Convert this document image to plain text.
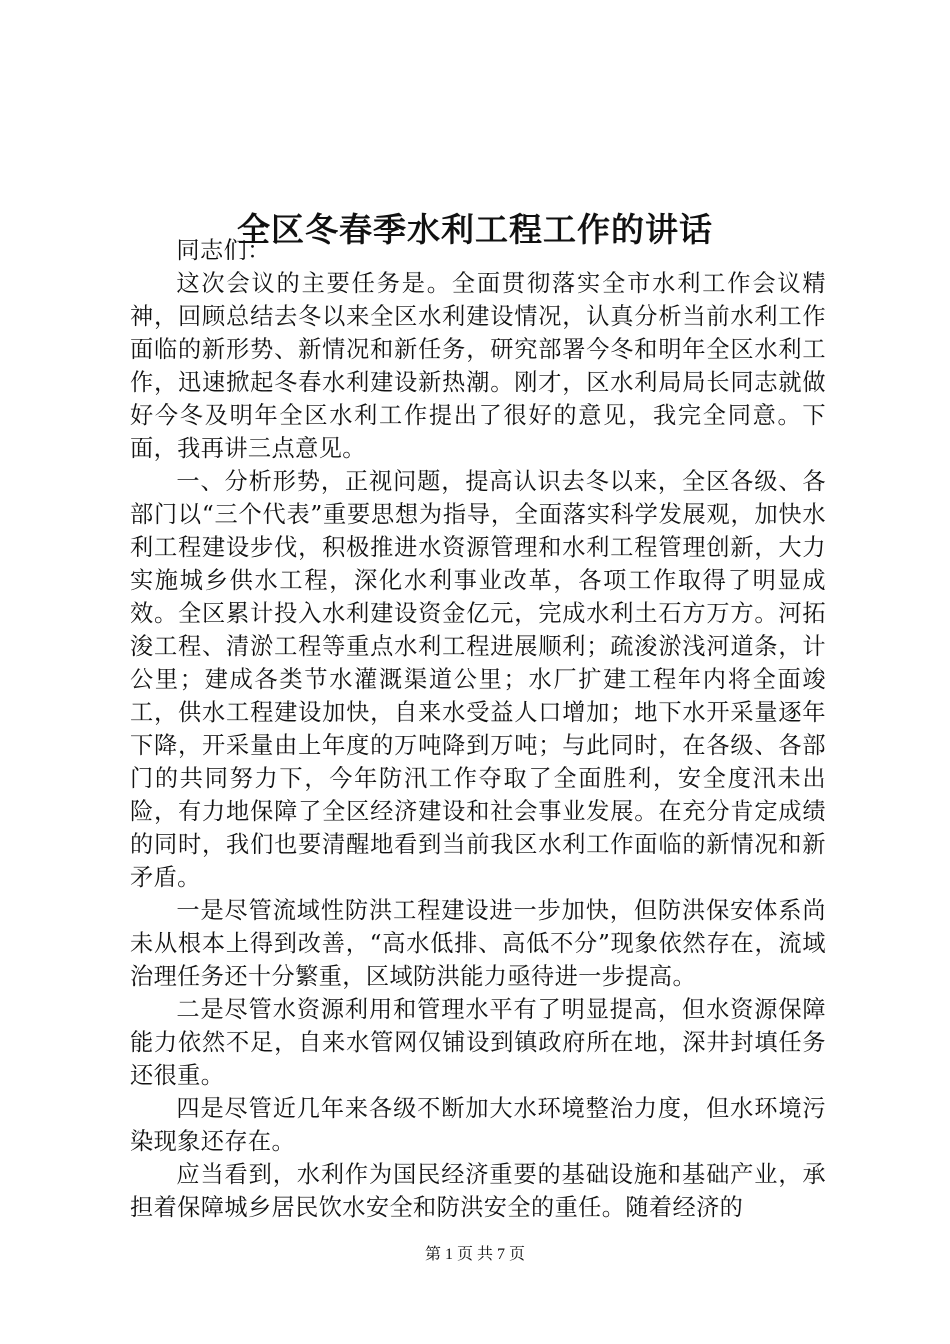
全区冬春季水利工程工作的讲话

同志们：

这次会议的主要任务是。全面贯彻落实全市水利工作会议精神，回顾总结去冬以来全区水利建设情况，认真分析当前水利工作面临的新形势、新情况和新任务，研究部署今冬和明年全区水利工作，迅速掀起冬春水利建设新热潮。刚才，区水利局局长同志就做好今冬及明年全区水利工作提出了很好的意见，我完全同意。下面，我再讲三点意见。

一、分析形势，正视问题，提高认识去冬以来，全区各级、各部门以“三个代表”重要思想为指导，全面落实科学发展观，加快水利工程建设步伐，积极推进水资源管理和水利工程管理创新，大力实施城乡供水工程，深化水利事业改革，各项工作取得了明显成效。全区累计投入水利建设资金亿元，完成水利土石方万方。河拓浚工程、清淤工程等重点水利工程进展顺利；疏浚淤浅河道条，计公里；建成各类节水灌溉渠道公里；水厂扩建工程年内将全面竣工，供水工程建设加快，自来水受益人口增加；地下水开采量逐年下降，开采量由上年度的万吨降到万吨；与此同时，在各级、各部门的共同努力下，今年防汛工作夺取了全面胜利，安全度汛未出险，有力地保障了全区经济建设和社会事业发展。在充分肯定成绩的同时，我们也要清醒地看到当前我区水利工作面临的新情况和新矛盾。

一是尽管流域性防洪工程建设进一步加快，但防洪保安体系尚未从根本上得到改善，“高水低排、高低不分”现象依然存在，流域治理任务还十分繁重，区域防洪能力亟待进一步提高。

二是尽管水资源利用和管理水平有了明显提高，但水资源保障能力依然不足，自来水管网仅铺设到镇政府所在地，深井封填任务还很重。

四是尽管近几年来各级不断加大水环境整治力度，但水环境污染现象还存在。

应当看到，水利作为国民经济重要的基础设施和基础产业，承担着保障城乡居民饮水安全和防洪安全的重任。随着经济的

第 1 页 共 7 页
